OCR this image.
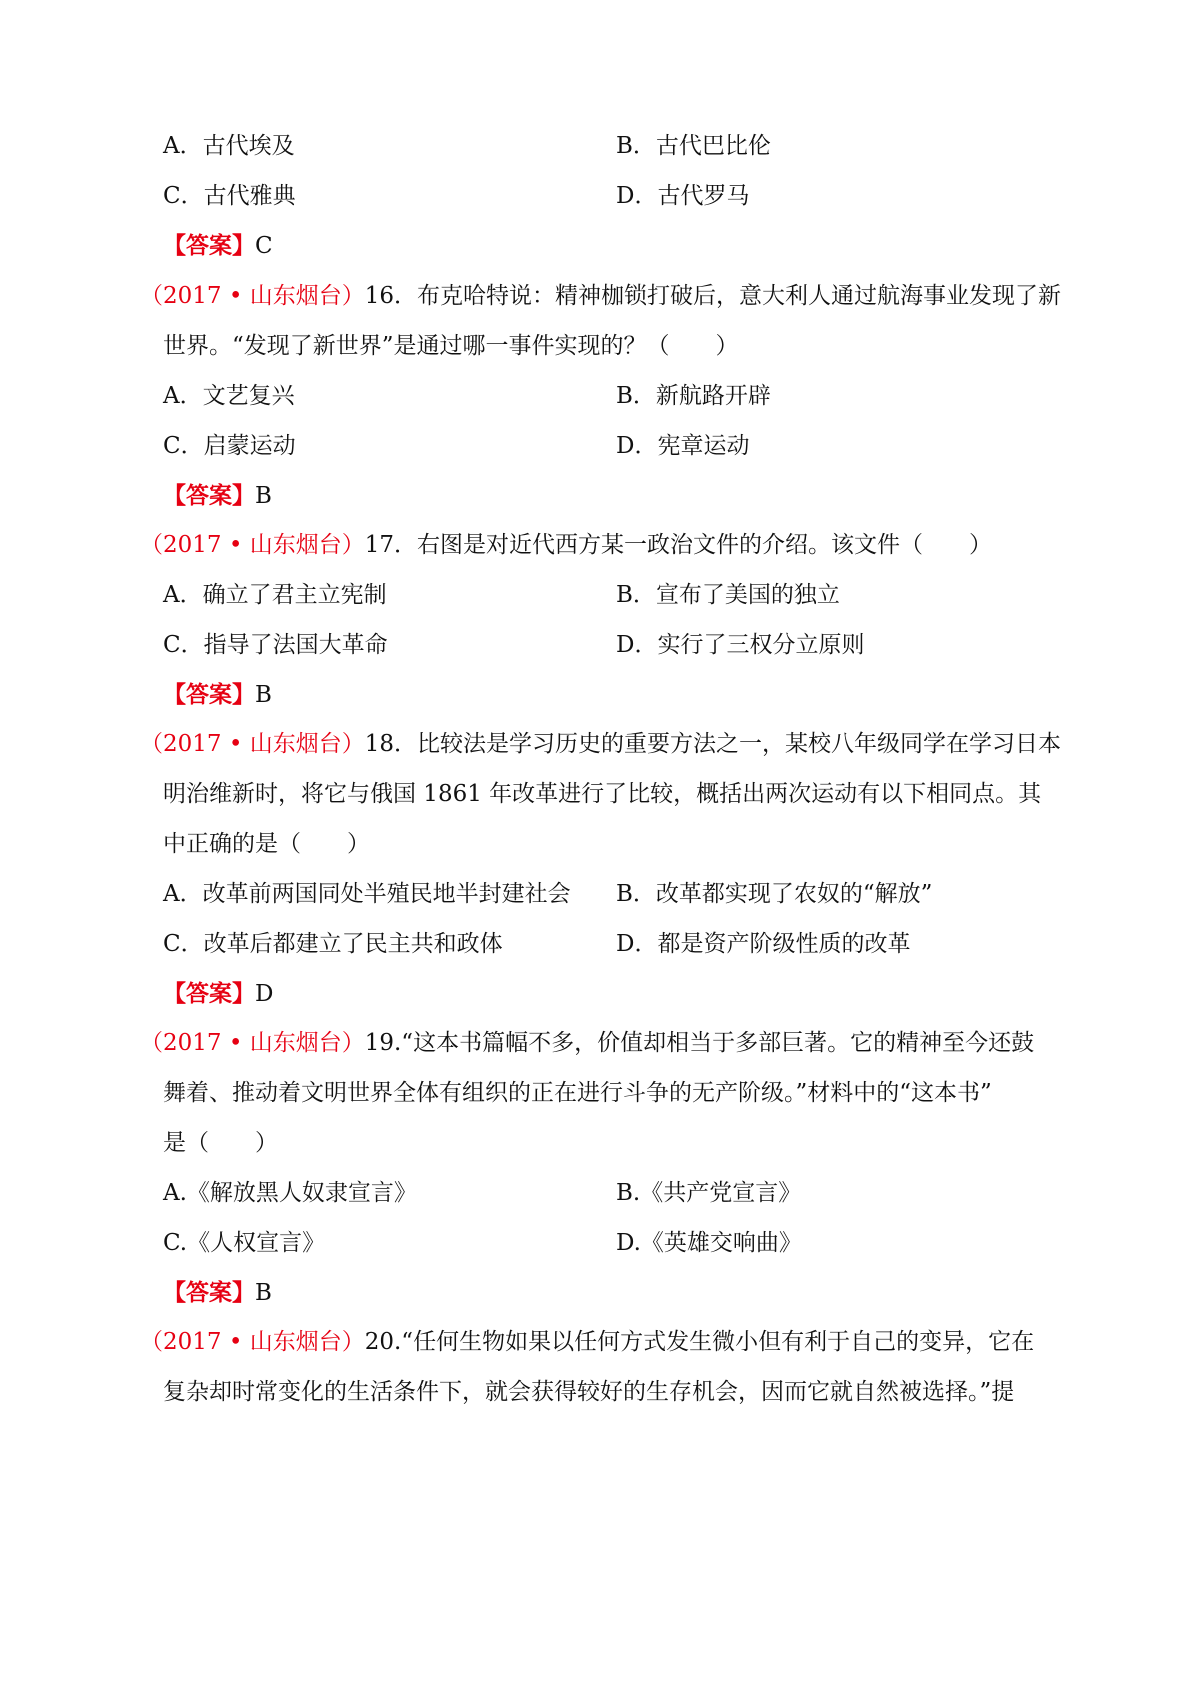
A．古代埃及	B．古代巴比伦
C．古代雅典	D．古代罗马
【答案】C
（2017 • 山东烟台）16．布克哈特说：精神枷锁打破后，意大利人通过航海事业发现了新
世界。“发现了新世界”是通过哪一事件实现的？（　　）
A．文艺复兴	B．新航路开辟
C．启蒙运动	D．宪章运动
【答案】B
（2017 • 山东烟台）17．右图是对近代西方某一政治文件的介绍。该文件（　　）
A．确立了君主立宪制	B．宣布了美国的独立
C．指导了法国大革命	D．实行了三权分立原则
【答案】B
（2017 • 山东烟台）18．比较法是学习历史的重要方法之一，某校八年级同学在学习日本
明治维新时，将它与俄国 1861 年改革进行了比较，概括出两次运动有以下相同点。其
中正确的是（　　）
A．改革前两国同处半殖民地半封建社会 B．改革都实现了农奴的“解放”
C．改革后都建立了民主共和政体	D．都是资产阶级性质的改革
【答案】D
（2017 • 山东烟台）19.“这本书篇幅不多，价值却相当于多部巨著。它的精神至今还鼓
舞着、推动着文明世界全体有组织的正在进行斗争的无产阶级。”材料中的“这本书”
是（　　）
A.《解放黑人奴隶宣言》	B.《共产党宣言》
C.《人权宣言》	D.《英雄交响曲》
【答案】B
（2017 • 山东烟台）20.“任何生物如果以任何方式发生微小但有利于自己的变异，它在
复杂却时常变化的生活条件下，就会获得较好的生存机会，因而它就自然被选择。”提
